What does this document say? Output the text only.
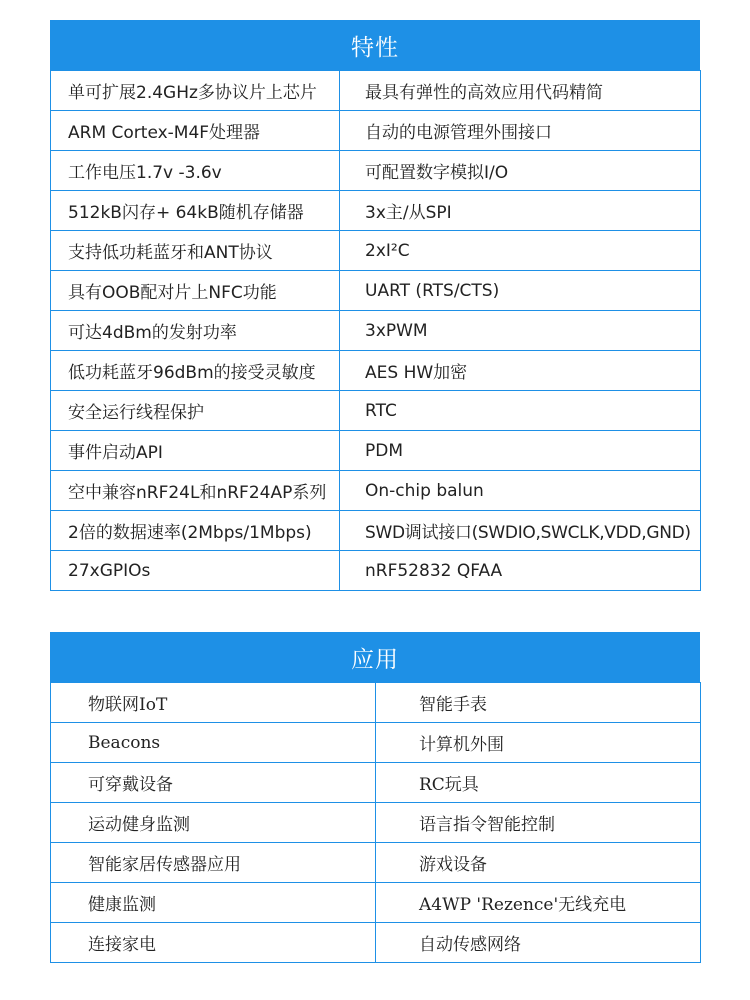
特性
单可扩展2.4GHz多协议片上芯片	最具有弹性的高效应用代码精简
ARM Cortex-M4F处理器	自动的电源管理外围接口
工作电压1.7v -3.6v	可配置数字模拟I/O
512kB闪存+ 64kB随机存储器	3x主/从SPI
支持低功耗蓝牙和ANT协议	2xI²C
具有OOB配对片上NFC功能	UART (RTS/CTS)
可达4dBm的发射功率	3xPWM
低功耗蓝牙96dBm的接受灵敏度	AES HW加密
安全运行线程保护	RTC
事件启动API	PDM
空中兼容nRF24L和nRF24AP系列	On-chip balun
2倍的数据速率(2Mbps/1Mbps)	SWD调试接口(SWDIO,SWCLK,VDD,GND)
27xGPIOs	nRF52832 QFAA
应用
物联网IoT	智能手表
Beacons	计算机外围
可穿戴设备	RC玩具
运动健身监测	语言指令智能控制
智能家居传感器应用	游戏设备
健康监测	A4WP 'Rezence'无线充电
连接家电	自动传感网络
